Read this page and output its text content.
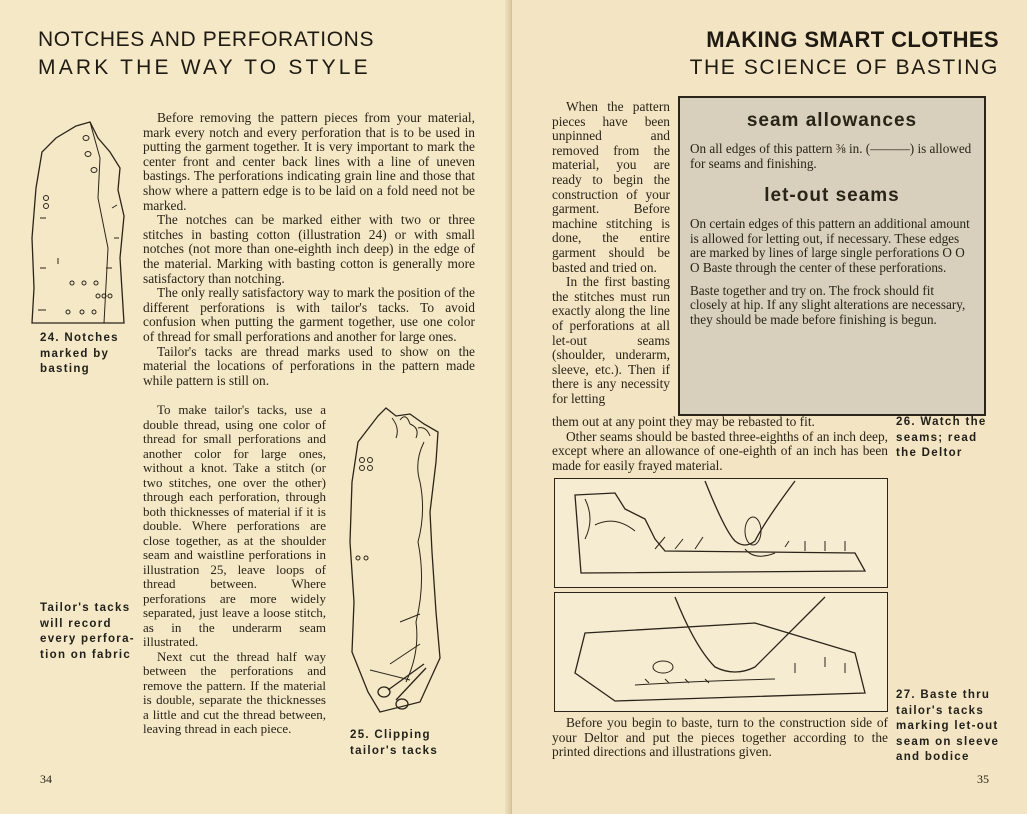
NOTCHES AND PERFORATIONS
MARK THE WAY TO STYLE
24. Notches
marked by
basting
Tailor's tacks
will record
every perfora-
tion on fabric

Before removing the pattern pieces from your material, mark every notch and every perforation that is to be used in putting the garment together. It is very important to mark the center front and center back lines with a line of uneven bastings. The perforations indicating grain line and those that show where a pattern edge is to be laid on a fold need not be marked.

The notches can be marked either with two or three stitches in basting cotton (illustration 24) or with small notches (not more than one-eighth inch deep) in the edge of the material. Marking with basting cotton is generally more satisfactory than notching.

The only really satisfactory way to mark the position of the different perforations is with tailor's tacks. To avoid confusion when putting the garment together, use one color of thread for small perforations and another for large ones.

Tailor's tacks are thread marks used to show on the material the locations of perforations in the pattern made while pattern is still on.

To make tailor's tacks, use a double thread, using one color of thread for small perforations and another color for large ones, without a knot. Take a stitch (or two stitches, one over the other) through each perforation, through both thicknesses of material if it is double. Where perforations are close together, as at the shoulder seam and waistline perforations in illustration 25, leave loops of thread between. Where perforations are more widely separated, just leave a loose stitch, as in the underarm seam illustrated.

Next cut the thread half way between the perforations and remove the pattern. If the material is double, separate the thicknesses a little and cut the thread between, leaving thread in each piece.	25. Clipping
tailor's tacks
34
MAKING SMART CLOTHES
THE SCIENCE OF BASTING

When the pattern pieces have been unpinned and removed from the material, you are ready to begin the construction of your garment. Before machine stitching is done, the entire garment should be basted and tried on.

In the first basting the stitches must run exactly along the line of perforations at all let-out seams (shoulder, underarm, sleeve, etc.). Then if there is any necessity for letting

seam allowances

On all edges of this pattern ⅜ in. (———) is allowed for seams and finishing.

let-out seams

On certain edges of this pattern an additional amount is allowed for letting out, if necessary. These edges are marked by lines of large single perforations O O O Baste through the center of these perforations.

Baste together and try on. The frock should fit closely at hip. If any slight alterations are necessary, they should be made before finishing is begun.

them out at any point they may be rebasted to fit.

Other seams should be basted three-eighths of an inch deep, except where an allowance of one-eighth of an inch has been made for easily frayed material.

26. Watch the
seams; read
the Deltor
27. Baste thru
tailor's tacks
marking let-out
seam on sleeve
and bodice

Before you begin to baste, turn to the construction side of your Deltor and put the pieces together according to the printed directions and illustrations given.

35
